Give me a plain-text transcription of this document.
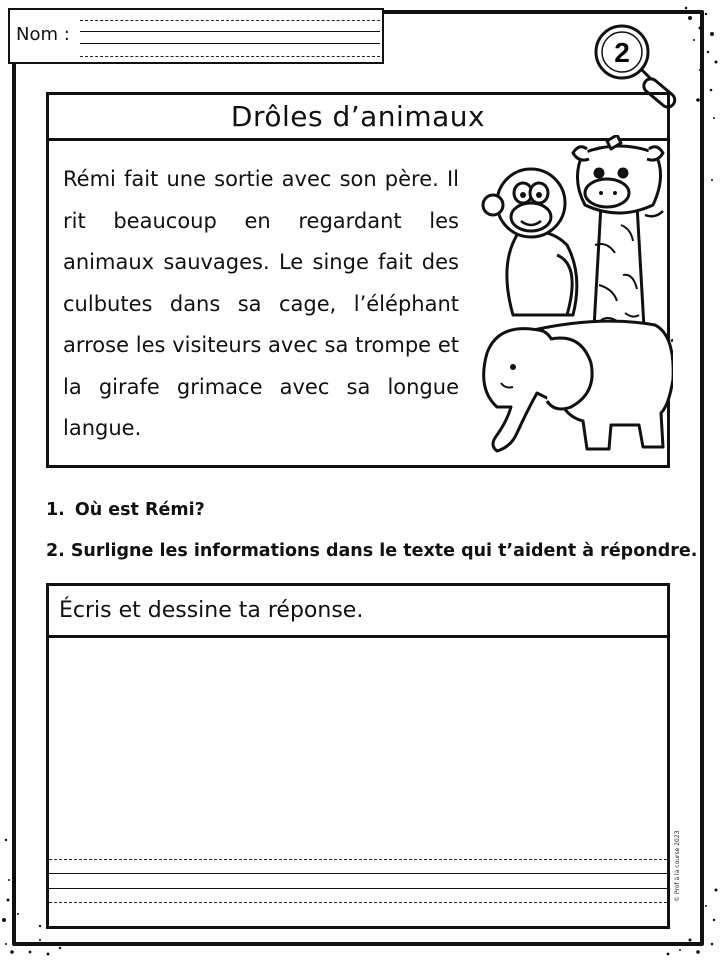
Nom :
2
Drôles d’animaux
Rémi fait une sortie avec son père. Il rit beaucoup en regardant les animaux sauvages. Le singe fait des culbutes dans sa cage, l’éléphant arrose les visiteurs avec sa trompe et la girafe grimace avec sa longue langue.
1. Où est Rémi?
2. Surligne les informations dans le texte qui t’aident à répondre.
Écris et dessine ta réponse.
© Prof à la course 2023
